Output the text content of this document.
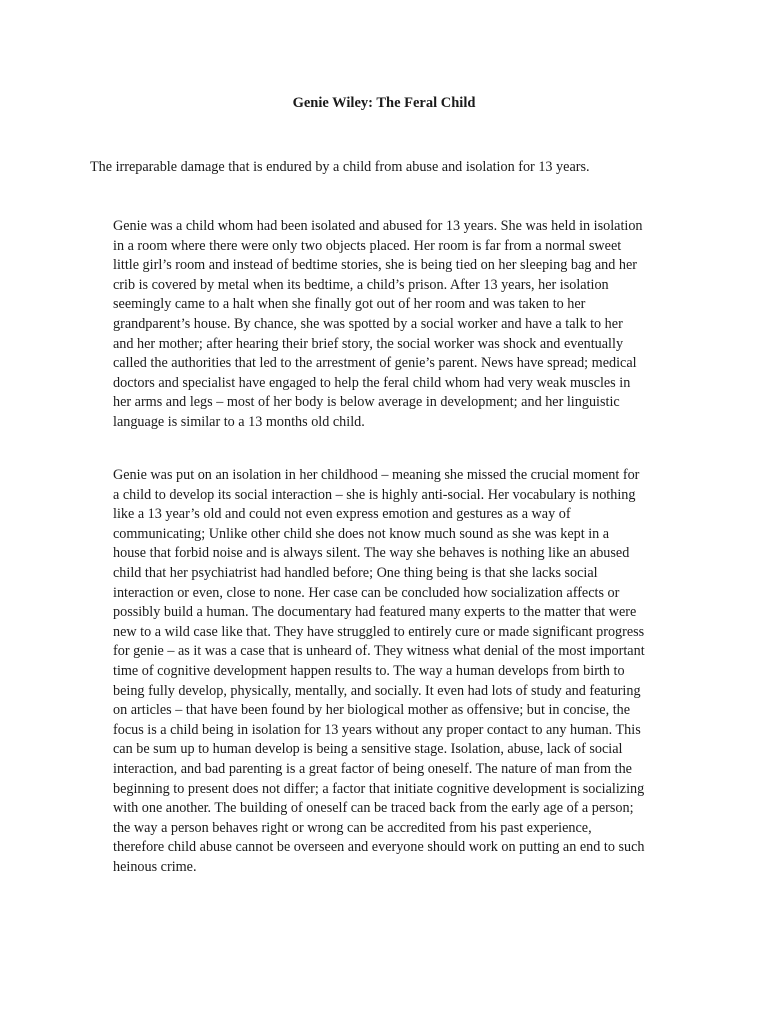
Genie Wiley: The Feral Child
The irreparable damage that is endured by a child from abuse and isolation for 13 years.
Genie was a child whom had been isolated and abused for 13 years. She was held in isolation
in a room where there were only two objects placed. Her room is far from a normal sweet
little girl’s room and instead of bedtime stories, she is being tied on her sleeping bag and her
crib is covered by metal when its bedtime, a child’s prison. After 13 years, her isolation
seemingly came to a halt when she finally got out of her room and was taken to her
grandparent’s house. By chance, she was spotted by a social worker and have a talk to her
and her mother; after hearing their brief story, the social worker was shock and eventually
called the authorities that led to the arrestment of genie’s parent. News have spread; medical
doctors and specialist have engaged to help the feral child whom had very weak muscles in
her arms and legs – most of her body is below average in development; and her linguistic
language is similar to a 13 months old child.
Genie was put on an isolation in her childhood – meaning she missed the crucial moment for
a child to develop its social interaction – she is highly anti-social. Her vocabulary is nothing
like a 13 year’s old and could not even express emotion and gestures as a way of
communicating; Unlike other child she does not know much sound as she was kept in a
house that forbid noise and is always silent. The way she behaves is nothing like an abused
child that her psychiatrist had handled before; One thing being is that she lacks social
interaction or even, close to none. Her case can be concluded how socialization affects or
possibly build a human. The documentary had featured many experts to the matter that were
new to a wild case like that. They have struggled to entirely cure or made significant progress
for genie – as it was a case that is unheard of. They witness what denial of the most important
time of cognitive development happen results to. The way a human develops from birth to
being fully develop, physically, mentally, and socially. It even had lots of study and featuring
on articles – that have been found by her biological mother as offensive; but in concise, the
focus is a child being in isolation for 13 years without any proper contact to any human. This
can be sum up to human develop is being a sensitive stage. Isolation, abuse, lack of social
interaction, and bad parenting is a great factor of being oneself. The nature of man from the
beginning to present does not differ; a factor that initiate cognitive development is socializing
with one another. The building of oneself can be traced back from the early age of a person;
the way a person behaves right or wrong can be accredited from his past experience,
therefore child abuse cannot be overseen and everyone should work on putting an end to such
heinous crime.
